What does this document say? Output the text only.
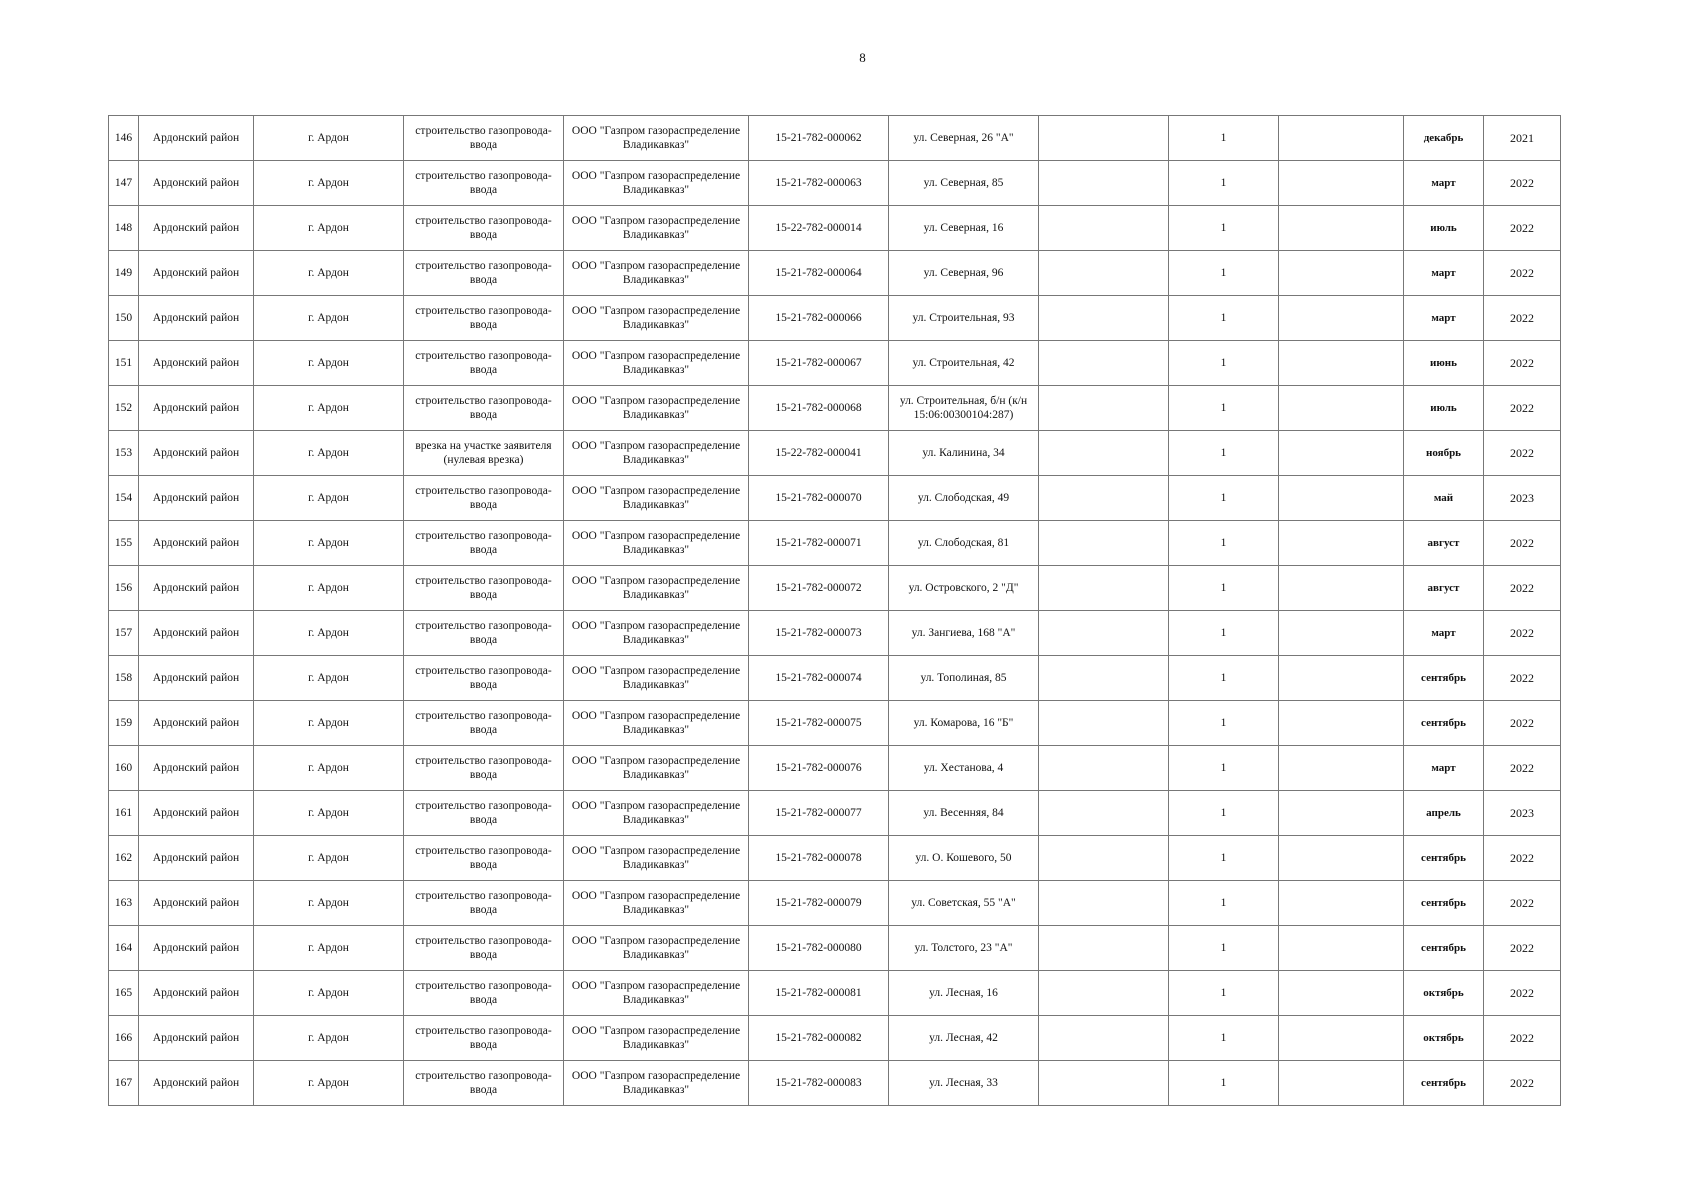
8
146	Ардонский район	г. Ардон	строительство газопровода-ввода	ООО "Газпром газораспределение Владикавказ"	15-21-782-000062	ул. Северная, 26 "А"		1		декабрь	2021
147	Ардонский район	г. Ардон	строительство газопровода-ввода	ООО "Газпром газораспределение Владикавказ"	15-21-782-000063	ул. Северная, 85		1		март	2022
148	Ардонский район	г. Ардон	строительство газопровода-ввода	ООО "Газпром газораспределение Владикавказ"	15-22-782-000014	ул. Северная, 16		1		июль	2022
149	Ардонский район	г. Ардон	строительство газопровода-ввода	ООО "Газпром газораспределение Владикавказ"	15-21-782-000064	ул. Северная, 96		1		март	2022
150	Ардонский район	г. Ардон	строительство газопровода-ввода	ООО "Газпром газораспределение Владикавказ"	15-21-782-000066	ул. Строительная, 93		1		март	2022
151	Ардонский район	г. Ардон	строительство газопровода-ввода	ООО "Газпром газораспределение Владикавказ"	15-21-782-000067	ул. Строительная, 42		1		июнь	2022
152	Ардонский район	г. Ардон	строительство газопровода-ввода	ООО "Газпром газораспределение Владикавказ"	15-21-782-000068	ул. Строительная, б/н (к/н 15:06:00300104:287)		1		июль	2022
153	Ардонский район	г. Ардон	врезка на участке заявителя (нулевая врезка)	ООО "Газпром газораспределение Владикавказ"	15-22-782-000041	ул. Калинина, 34		1		ноябрь	2022
154	Ардонский район	г. Ардон	строительство газопровода-ввода	ООО "Газпром газораспределение Владикавказ"	15-21-782-000070	ул. Слободская, 49		1		май	2023
155	Ардонский район	г. Ардон	строительство газопровода-ввода	ООО "Газпром газораспределение Владикавказ"	15-21-782-000071	ул. Слободская, 81		1		август	2022
156	Ардонский район	г. Ардон	строительство газопровода-ввода	ООО "Газпром газораспределение Владикавказ"	15-21-782-000072	ул. Островского, 2 "Д"		1		август	2022
157	Ардонский район	г. Ардон	строительство газопровода-ввода	ООО "Газпром газораспределение Владикавказ"	15-21-782-000073	ул. Зангиева, 168 "А"		1		март	2022
158	Ардонский район	г. Ардон	строительство газопровода-ввода	ООО "Газпром газораспределение Владикавказ"	15-21-782-000074	ул. Тополиная, 85		1		сентябрь	2022
159	Ардонский район	г. Ардон	строительство газопровода-ввода	ООО "Газпром газораспределение Владикавказ"	15-21-782-000075	ул. Комарова, 16 "Б"		1		сентябрь	2022
160	Ардонский район	г. Ардон	строительство газопровода-ввода	ООО "Газпром газораспределение Владикавказ"	15-21-782-000076	ул. Хестанова, 4		1		март	2022
161	Ардонский район	г. Ардон	строительство газопровода-ввода	ООО "Газпром газораспределение Владикавказ"	15-21-782-000077	ул. Весенняя, 84		1		апрель	2023
162	Ардонский район	г. Ардон	строительство газопровода-ввода	ООО "Газпром газораспределение Владикавказ"	15-21-782-000078	ул. О. Кошевого, 50		1		сентябрь	2022
163	Ардонский район	г. Ардон	строительство газопровода-ввода	ООО "Газпром газораспределение Владикавказ"	15-21-782-000079	ул. Советская, 55 "А"		1		сентябрь	2022
164	Ардонский район	г. Ардон	строительство газопровода-ввода	ООО "Газпром газораспределение Владикавказ"	15-21-782-000080	ул. Толстого, 23 "А"		1		сентябрь	2022
165	Ардонский район	г. Ардон	строительство газопровода-ввода	ООО "Газпром газораспределение Владикавказ"	15-21-782-000081	ул. Лесная, 16		1		октябрь	2022
166	Ардонский район	г. Ардон	строительство газопровода-ввода	ООО "Газпром газораспределение Владикавказ"	15-21-782-000082	ул. Лесная, 42		1		октябрь	2022
167	Ардонский район	г. Ардон	строительство газопровода-ввода	ООО "Газпром газораспределение Владикавказ"	15-21-782-000083	ул. Лесная, 33		1		сентябрь	2022
